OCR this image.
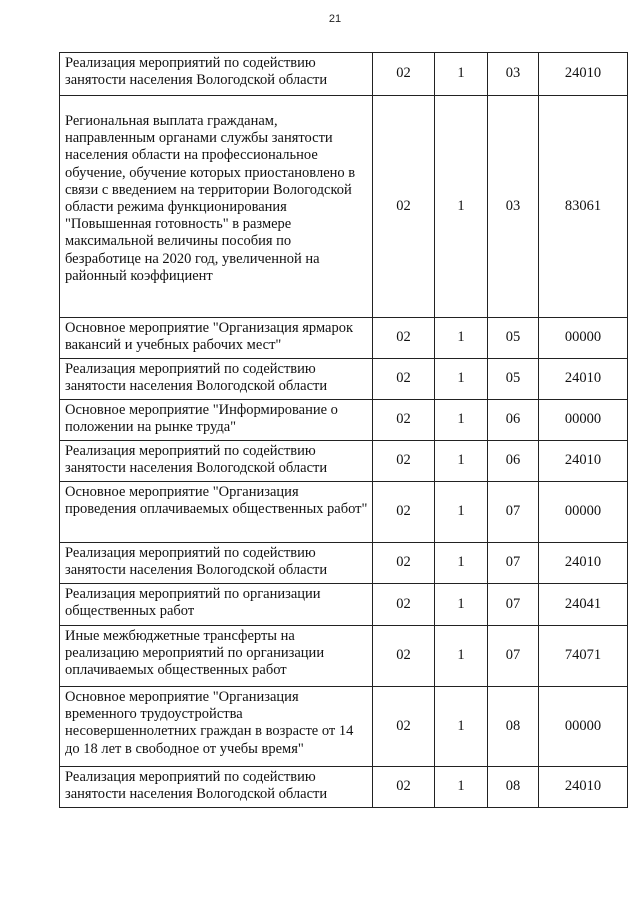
21
Реализация мероприятий по содействию занятости населения Вологодской области	02	1	03	24010
Региональная выплата гражданам, направленным органами службы занятости населения области на профессиональное обучение, обучение которых приостановлено в связи с введением на территории Вологодской области режима функционирования "Повышенная готовность" в размере максимальной величины пособия по безработице на 2020 год, увеличенной на районный коэффициент	02	1	03	83061
Основное мероприятие "Организация ярмарок вакансий и учебных рабочих мест"	02	1	05	00000
Реализация мероприятий по содействию занятости населения Вологодской области	02	1	05	24010
Основное мероприятие "Информирование о положении на рынке труда"	02	1	06	00000
Реализация мероприятий по содействию занятости населения Вологодской области	02	1	06	24010
Основное мероприятие "Организация проведения оплачиваемых общественных работ"	02	1	07	00000
Реализация мероприятий по содействию занятости населения Вологодской области	02	1	07	24010
Реализация мероприятий по организации общественных работ	02	1	07	24041
Иные межбюджетные трансферты на реализацию мероприятий по организации оплачиваемых общественных работ	02	1	07	74071
Основное мероприятие "Организация временного трудоустройства несовершеннолетних граждан в возрасте от 14 до 18 лет в свободное от учебы время"	02	1	08	00000
Реализация мероприятий по содействию занятости населения Вологодской области	02	1	08	24010
